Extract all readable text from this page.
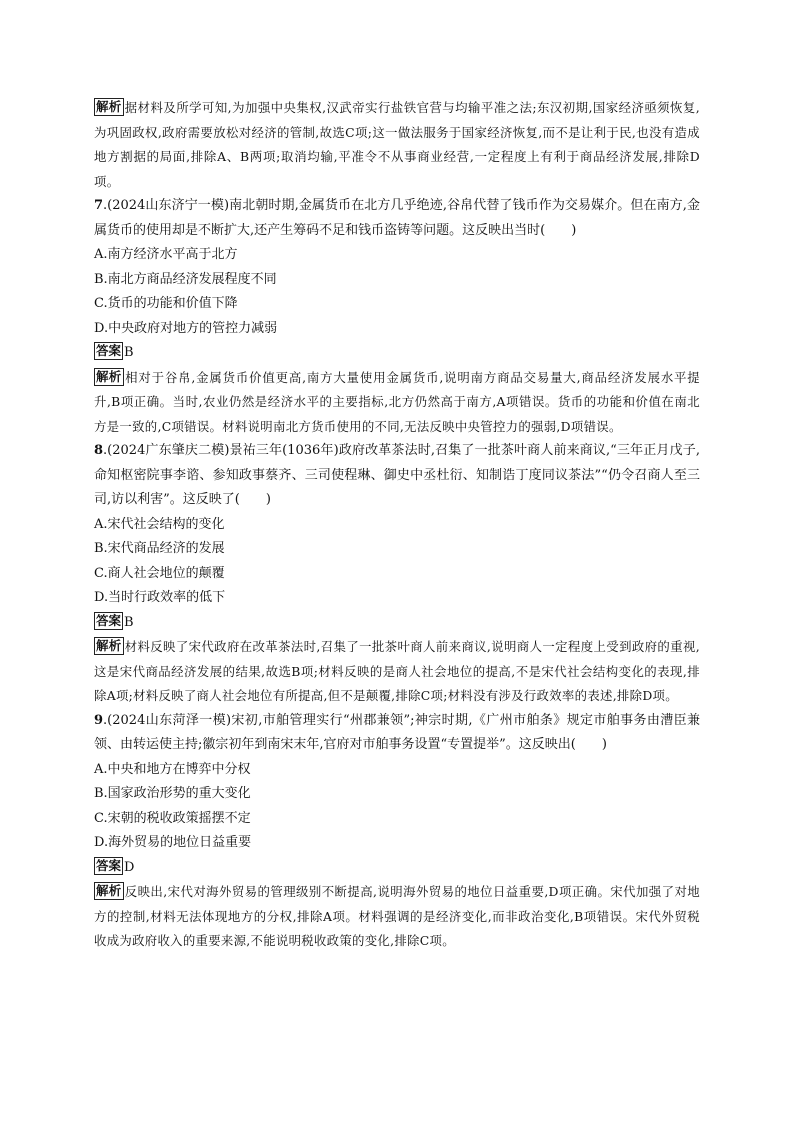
解析 据材料及所学可知,为加强中央集权,汉武帝实行盐铁官营与均输平准之法;东汉初期,国家经济亟须恢复,为巩固政权,政府需要放松对经济的管制,故选C项;这一做法服务于国家经济恢复,而不是让利于民,也没有造成地方割据的局面,排除A、B两项;取消均输,平准令不从事商业经营,一定程度上有利于商品经济发展,排除D项。

7.(2024山东济宁一模)南北朝时期,金属货币在北方几乎绝迹,谷帛代替了钱币作为交易媒介。但在南方,金属货币的使用却是不断扩大,还产生筹码不足和钱币盗铸等问题。这反映出当时(　　)

A.南方经济水平高于北方

B.南北方商品经济发展程度不同

C.货币的功能和价值下降

D.中央政府对地方的管控力减弱

答案 B

解析 相对于谷帛,金属货币价值更高,南方大量使用金属货币,说明南方商品交易量大,商品经济发展水平提升,B项正确。当时,农业仍然是经济水平的主要指标,北方仍然高于南方,A项错误。货币的功能和价值在南北方是一致的,C项错误。材料说明南北方货币使用的不同,无法反映中央管控力的强弱,D项错误。

8.(2024广东肇庆二模)景祐三年(1036年)政府改革茶法时,召集了一批茶叶商人前来商议,“三年正月戊子,命知枢密院事李谘、参知政事蔡齐、三司使程琳、御史中丞杜衍、知制诰丁度同议茶法”“仍令召商人至三司,访以利害”。这反映了(　　)

A.宋代社会结构的变化

B.宋代商品经济的发展

C.商人社会地位的颠覆

D.当时行政效率的低下

答案 B

解析 材料反映了宋代政府在改革茶法时,召集了一批茶叶商人前来商议,说明商人一定程度上受到政府的重视,这是宋代商品经济发展的结果,故选B项;材料反映的是商人社会地位的提高,不是宋代社会结构变化的表现,排除A项;材料反映了商人社会地位有所提高,但不是颠覆,排除C项;材料没有涉及行政效率的表述,排除D项。

9.(2024山东菏泽一模)宋初,市舶管理实行“州郡兼领”;神宗时期,《广州市舶条》规定市舶事务由漕臣兼领、由转运使主持;徽宗初年到南宋末年,官府对市舶事务设置“专置提举”。这反映出(　　)

A.中央和地方在博弈中分权

B.国家政治形势的重大变化

C.宋朝的税收政策摇摆不定

D.海外贸易的地位日益重要

答案 D

解析 反映出,宋代对海外贸易的管理级别不断提高,说明海外贸易的地位日益重要,D项正确。宋代加强了对地方的控制,材料无法体现地方的分权,排除A项。材料强调的是经济变化,而非政治变化,B项错误。宋代外贸税收成为政府收入的重要来源,不能说明税收政策的变化,排除C项。
